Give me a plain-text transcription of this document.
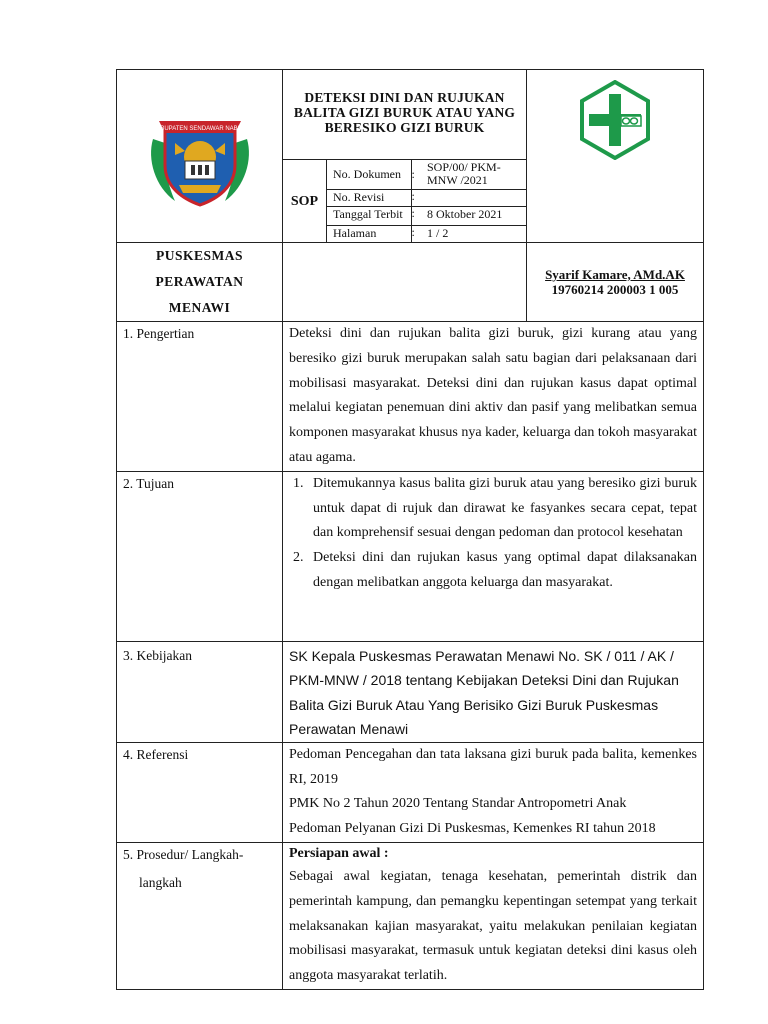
KABUPATEN SENDAWAR NABIRE

DETEKSI DINI DAN RUJUKAN BALITA GIZI BURUK ATAU YANG BERESIKO GIZI BURUK

SOP	
No. Dokumen	:	SOP/00/ PKM-MNW /2021
No. Revisi	:	
Tanggal Terbit	:	8 Oktober 2021
Halaman	:	1 / 2

PUSKESMAS PERAWATAN MENAWI

Syarif Kamare, AMd.AK
19760214 200003 1 005

1. Pengertian	Deteksi dini dan rujukan balita gizi buruk, gizi kurang atau yang beresiko gizi buruk merupakan salah satu bagian dari pelaksanaan dari mobilisasi masyarakat. Deteksi dini dan rujukan kasus dapat optimal melalui kegiatan penemuan dini aktiv dan pasif yang melibatkan semua komponen masyarakat khusus nya kader, keluarga dan tokoh masyarakat atau agama.

2. Tujuan

1.Ditemukannya kasus balita gizi buruk atau yang beresiko gizi buruk untuk dapat di rujuk dan dirawat ke fasyankes secara cepat, tepat dan komprehensif sesuai dengan pedoman dan protocol kesehatan
2. Deteksi dini dan rujukan kasus yang optimal dapat dilaksanakan dengan melibatkan anggota keluarga dan masyarakat.

3. Kebijakan	SK Kepala Puskesmas Perawatan Menawi No. SK / 011 / AK / PKM-MNW / 2018 tentang Kebijakan Deteksi Dini dan Rujukan Balita Gizi Buruk Atau Yang Berisiko Gizi Buruk Puskesmas Perawatan Menawi

4. Referensi	Pedoman Pencegahan dan tata laksana gizi buruk pada balita, kemenkes RI, 2019
PMK No 2 Tahun 2020 Tentang Standar Antropometri Anak
Pedoman Pelyanan Gizi Di Puskesmas, Kemenkes RI tahun 2018

5. Prosedur/ Langkah-
langkah

Persiapan awal :
Sebagai awal kegiatan, tenaga kesehatan, pemerintah distrik dan pemerintah kampung, dan pemangku kepentingan setempat yang terkait melaksanakan kajian masyarakat, yaitu melakukan penilaian kegiatan mobilisasi masyarakat, termasuk untuk kegiatan deteksi dini kasus oleh anggota masyarakat terlatih.
